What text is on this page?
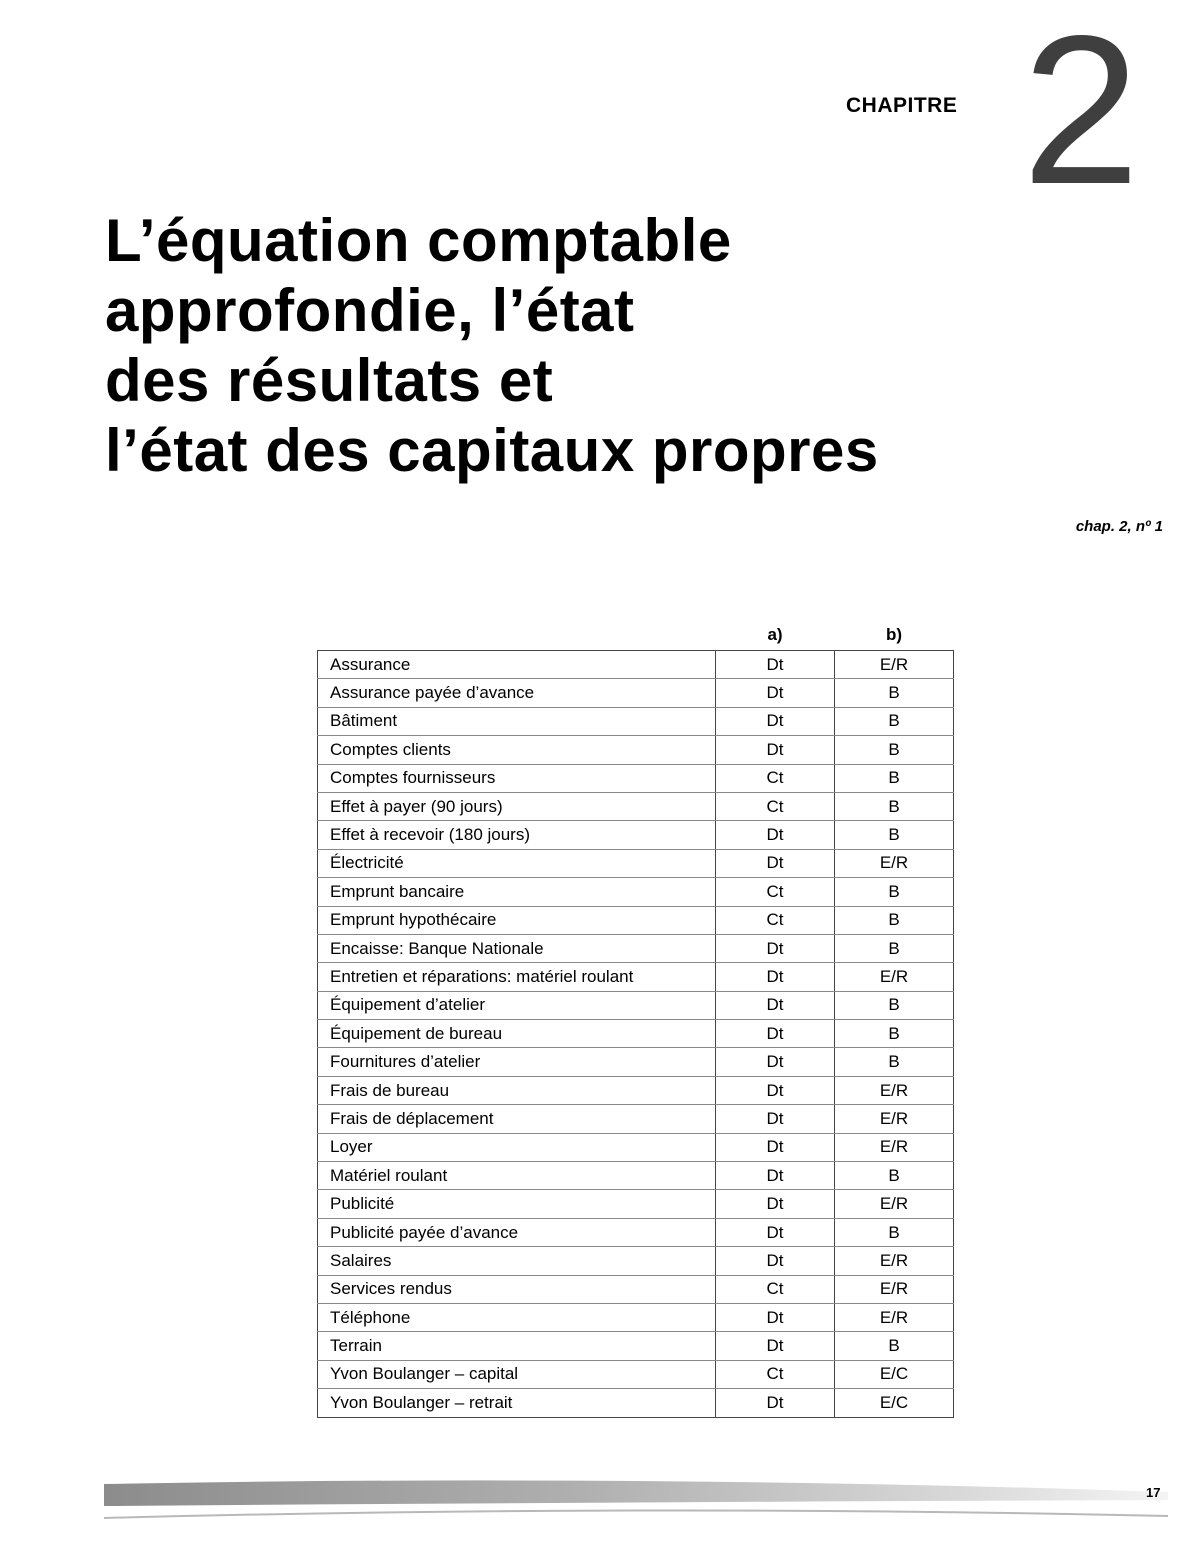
CHAPITRE 2
L’équation comptable
approfondie, l’état
des résultats et
l’état des capitaux propres
chap. 2, nº 1
	a)	b)
Assurance	Dt	E/R
Assurance payée d’avance	Dt	B
Bâtiment	Dt	B
Comptes clients	Dt	B
Comptes fournisseurs	Ct	B
Effet à payer (90 jours)	Ct	B
Effet à recevoir (180 jours)	Dt	B
Électricité	Dt	E/R
Emprunt bancaire	Ct	B
Emprunt hypothécaire	Ct	B
Encaisse: Banque Nationale	Dt	B
Entretien et réparations: matériel roulant	Dt	E/R
Équipement d’atelier	Dt	B
Équipement de bureau	Dt	B
Fournitures d’atelier	Dt	B
Frais de bureau	Dt	E/R
Frais de déplacement	Dt	E/R
Loyer	Dt	E/R
Matériel roulant	Dt	B
Publicité	Dt	E/R
Publicité payée d’avance	Dt	B
Salaires	Dt	E/R
Services rendus	Ct	E/R
Téléphone	Dt	E/R
Terrain	Dt	B
Yvon Boulanger – capital	Ct	E/C
Yvon Boulanger – retrait	Dt	E/C
17
